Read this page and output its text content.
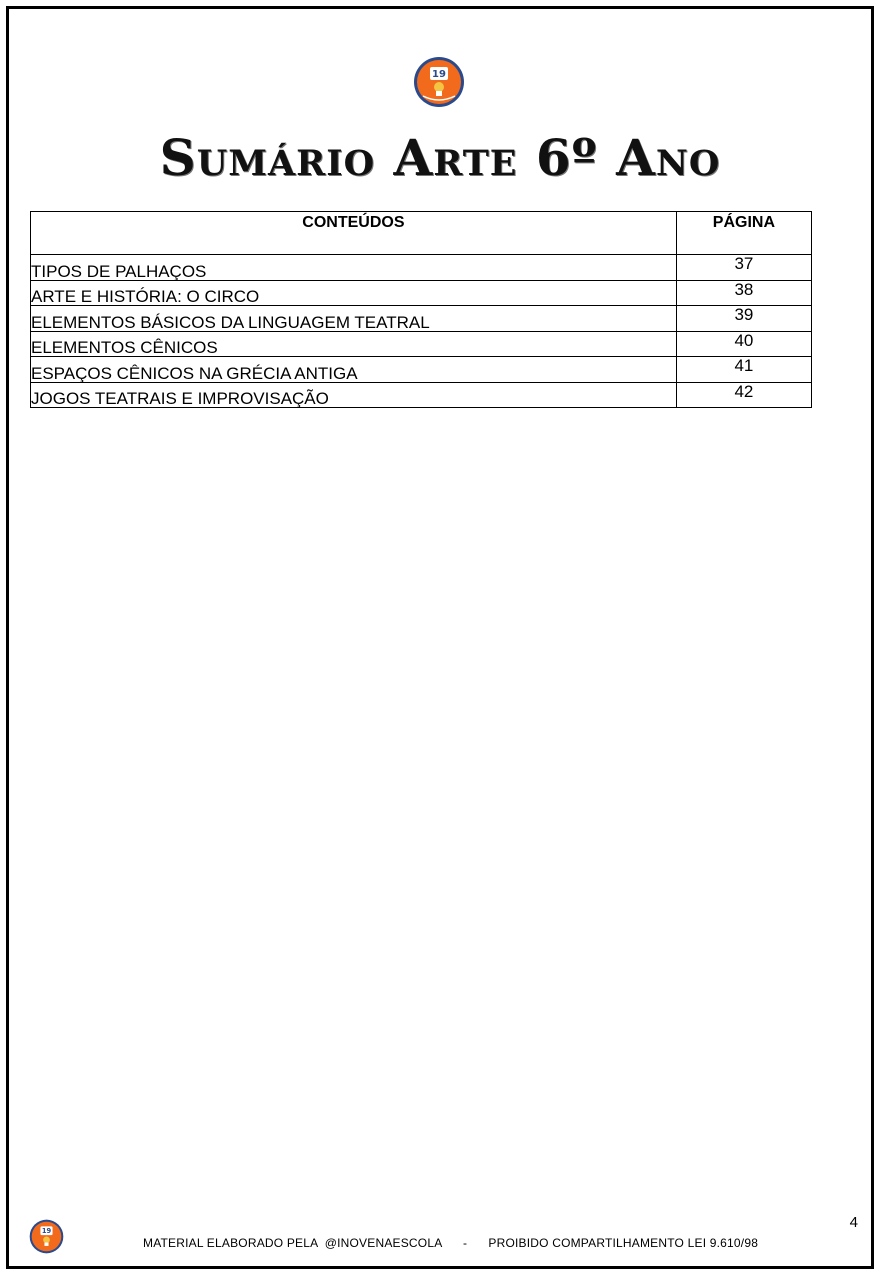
19
Sumário Arte 6º Ano
CONTEÚDOS	PÁGINA
TIPOS DE PALHAÇOS	37
ARTE E HISTÓRIA: O CIRCO	38
ELEMENTOS BÁSICOS DA LINGUAGEM TEATRAL	39
ELEMENTOS CÊNICOS	40
ESPAÇOS CÊNICOS NA GRÉCIA ANTIGA	41
JOGOS TEATRAIS E IMPROVISAÇÃO	42
4
19
MATERIAL ELABORADO PELA  @INOVENAESCOLA - PROIBIDO COMPARTILHAMENTO LEI 9.610/98
